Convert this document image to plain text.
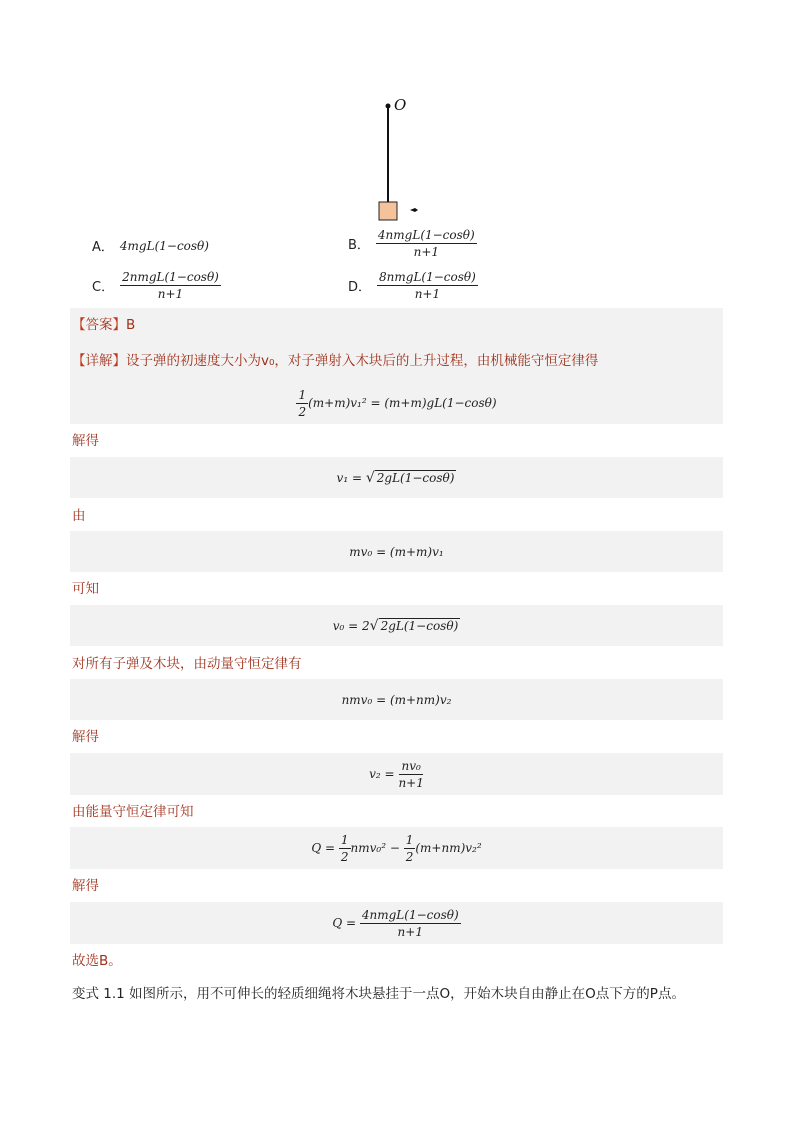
O
A． 4mgL(1−cosθ)	B． $\frac{\text{4nmgL(1−cosθ)}}{n+1}$
C． $\frac{\text{2nmgL(1−cosθ)}}{n+1}$	D． $\frac{\text{8nmgL(1−cosθ)}}{n+1}$
【答案】B
【详解】设子弹的初速度大小为v₀，对子弹射入木块后的上升过程，由机械能守恒定律得
$\frac{1}{2} (m+m)v_1^2 = (m+m)gL(1-\cos\theta)$
解得
v₁ =
√ 2gL(1−cosθ)
由
mv₀ = (m+m)v₁
可知
v₀ = 2 √ 2gL(1−cosθ)
对所有子弹及木块，由动量守恒定律有
nmv₀ = (m+nm)v₂
解得
v₂ =
$\frac{\text{nv₀}}{n+1}$
由能量守恒定律可知
Q =
$\frac{1}{2} nmv_0^2$ −
$\frac{1}{2} (m+nm)v_2^2$
解得
Q =
$\frac{\text{4nmgL(1−cosθ)}}{n+1}$
故选B。
变式 1.1 如图所示，用不可伸长的轻质细绳将木块悬挂于一点O，开始木块自由静止在O点下方的P点。
